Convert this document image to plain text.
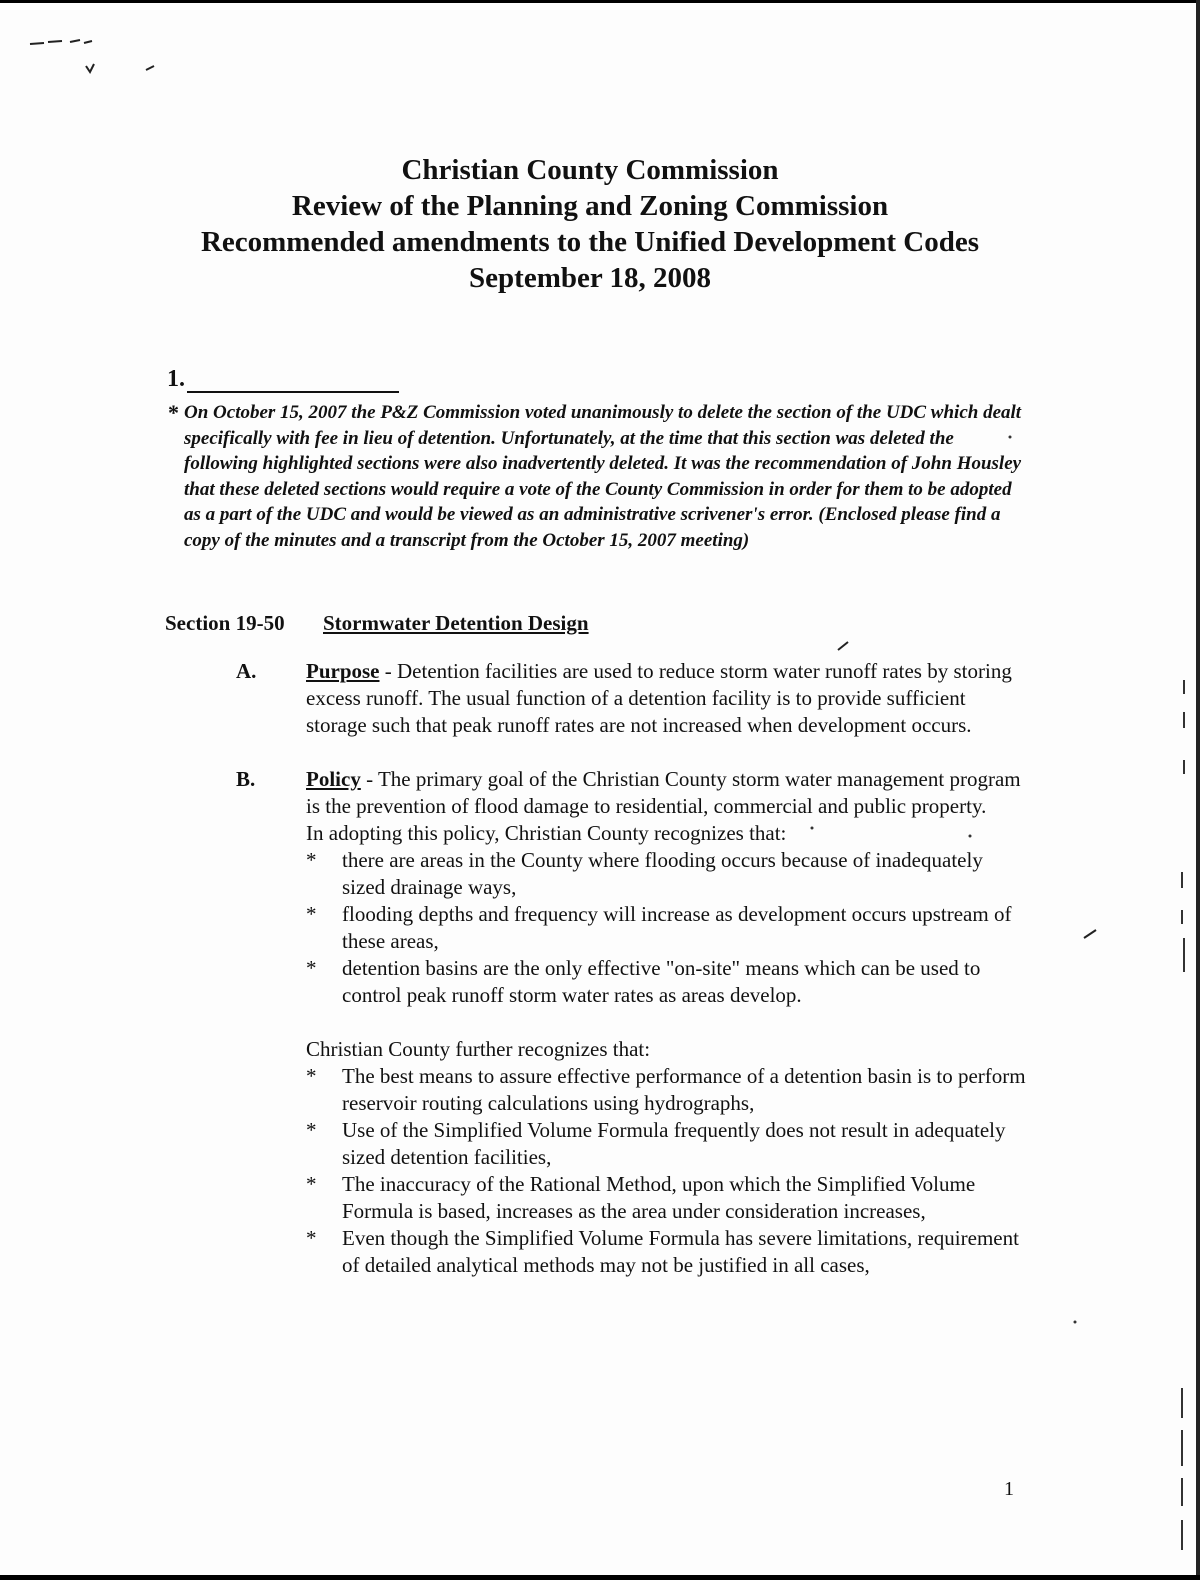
Christian County Commission
Review of the Planning and Zoning Commission
Recommended amendments to the Unified Development Codes
September 18, 2008
1.
* On October 15, 2007 the P&Z Commission voted unanimously to delete the section of the UDC which dealt specifically with fee in lieu of detention. Unfortunately, at the time that this section was deleted the following highlighted sections were also inadvertently deleted. It was the recommendation of John Housley that these deleted sections would require a vote of the County Commission in order for them to be adopted as a part of the UDC and would be viewed as an administrative scrivener's error. (Enclosed please find a copy of the minutes and a transcript from the October 15, 2007 meeting)
Section 19-50	Stormwater Detention Design
A.	Purpose - Detention facilities are used to reduce storm water runoff rates by storing excess runoff. The usual function of a detention facility is to provide sufficient storage such that peak runoff rates are not increased when development occurs.
B.	Policy - The primary goal of the Christian County storm water management program is the prevention of flood damage to residential, commercial and public property.
In adopting this policy, Christian County recognizes that:
*	there are areas in the County where flooding occurs because of inadequately sized drainage ways,
*	flooding depths and frequency will increase as development occurs upstream of these areas,
*	detention basins are the only effective "on-site" means which can be used to control peak runoff storm water rates as areas develop.
Christian County further recognizes that:
*	The best means to assure effective performance of a detention basin is to perform reservoir routing calculations using hydrographs,
*	Use of the Simplified Volume Formula frequently does not result in adequately sized detention facilities,
*	The inaccuracy of the Rational Method, upon which the Simplified Volume Formula is based, increases as the area under consideration increases,
*	Even though the Simplified Volume Formula has severe limitations, requirement of detailed analytical methods may not be justified in all cases,
1
